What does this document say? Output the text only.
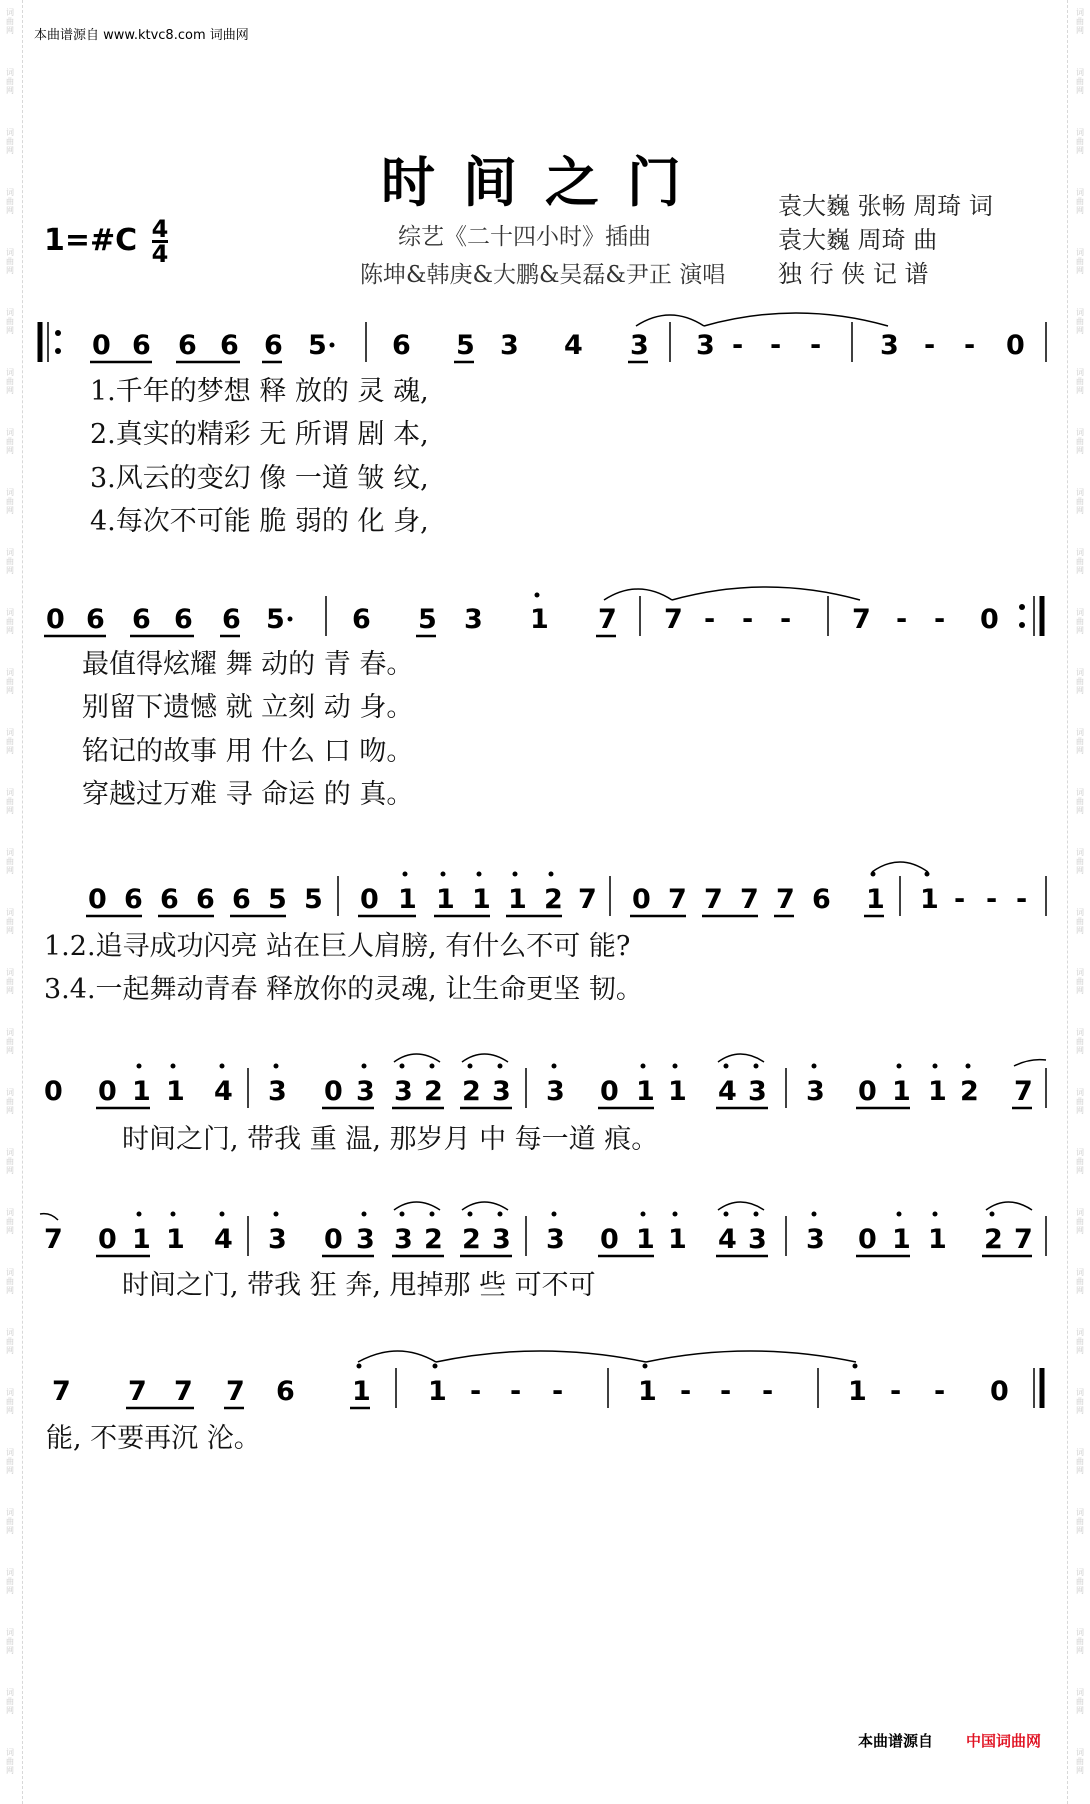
本曲谱源自 www.ktvc8.com 词曲网
时间之门
1=#C $\frac{4}{4}$	综艺《二十四小时》插曲
陈坤&韩庚&大鹏&吴磊&尹正 演唱
袁大巍 张畅 周琦 词
袁大巍 周琦 曲
独 行 侠 记 谱
0 6 6 6 6 5 6 5 3 4 3 3 - - - 3 - - 0
1.千年的梦想 释 放的 灵 魂,
2.真实的精彩 无 所谓 剧 本,
3.风云的变幻 像 一道 皱 纹,
4.每次不可能 脆 弱的 化 身,
0 6 6 6 6 5 6 5 3 1 7 7 - - - 7 - - 0
最值得炫耀 舞 动的 青 春。
别留下遗憾 就 立刻 动 身。
铭记的故事 用 什么 口 吻。
穿越过万难 寻 命运 的 真。
0 6 6 6 6 5 5 0 1 1 1 1 2 7 0 7 7 7 7 6 1 1 - - -
1.2.追寻成功闪亮 站在巨人肩膀, 有什么不可 能?
3.4.一起舞动青春 释放你的灵魂, 让生命更坚 韧。
0 0 1 1 4 3 0 3 3 2 2 3 3 0 1 1 4 3 3 0 1 1 2 7
时间之门, 带我 重 温, 那岁月 中 每一道 痕。
7 0 1 1 4 3 0 3 3 2 2 3 3 0 1 1 4 3 3 0 1 1 2 7
时间之门, 带我 狂 奔, 甩掉那 些 可不可
7 7 7 7 6 1 1 - - -	1 - - -	1 - - 0
能, 不要再沉 沦。
本曲谱源自 中国词曲网
词
曲
网
词
曲
网
词
曲
网
词
曲
网
词
曲
网
词
曲
网
词
曲
网
词
曲
网
词
曲
网
词
曲
网
词
曲
网
词
曲
网
词
曲
网
词
曲
网
词
曲
网
词
曲
网
词
曲
网
词
曲
网
词
曲
网
词
曲
网
词
曲
网
词
曲
网
词
曲
网
词
曲
网
词
曲
网
词
曲
网
词
曲
网
词
曲
网
词
曲
网
词
曲
网
词
曲
网
词
曲
网
词
曲
网
词
曲
网
词
曲
网
词
曲
网
词
曲
网
词
曲
网
词
曲
网
词
曲
网
词
曲
网
词
曲
网
词
曲
网
词
曲
网
词
曲
网
词
曲
网
词
曲
网
词
曲
网
词
曲
网
词
曲
网
词
曲
网
词
曲
网
词
曲
网
词
曲
网
词
曲
网
词
曲
网
词
曲
网
词
曲
网
词
曲
网
词
曲
网
